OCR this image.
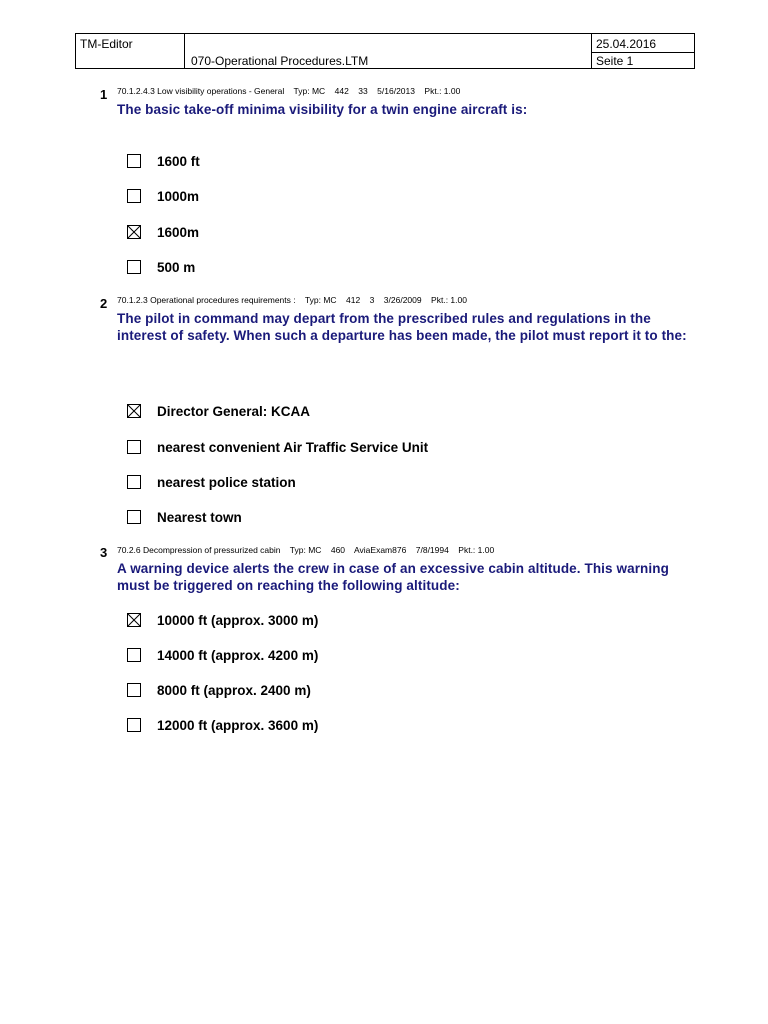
TM-Editor
070-Operational Procedures.LTM
25.04.2016
Seite 1
1 70.1.2.4.3 Low visibility operations - General    Typ: MC    442    33    5/16/2013    Pkt.: 1.00
The basic take-off minima visibility for a twin engine aircraft is:
1600 ft
1000m
1600m
500 m
2 70.1.2.3 Operational procedures requirements :    Typ: MC    412    3    3/26/2009    Pkt.: 1.00
The pilot in command may depart from the prescribed rules and regulations in the interest of safety. When such a departure has been made, the pilot must report it to the:
Director General: KCAA
nearest convenient Air Traffic Service Unit
nearest police station
Nearest town
3 70.2.6 Decompression of pressurized cabin    Typ: MC    460    AviaExam876    7/8/1994    Pkt.: 1.00
A warning device alerts the crew in case of an excessive cabin altitude. This warning must be triggered on reaching the following altitude:
10000 ft (approx. 3000 m)
14000 ft (approx. 4200 m)
8000 ft (approx. 2400 m)
12000 ft (approx. 3600 m)
